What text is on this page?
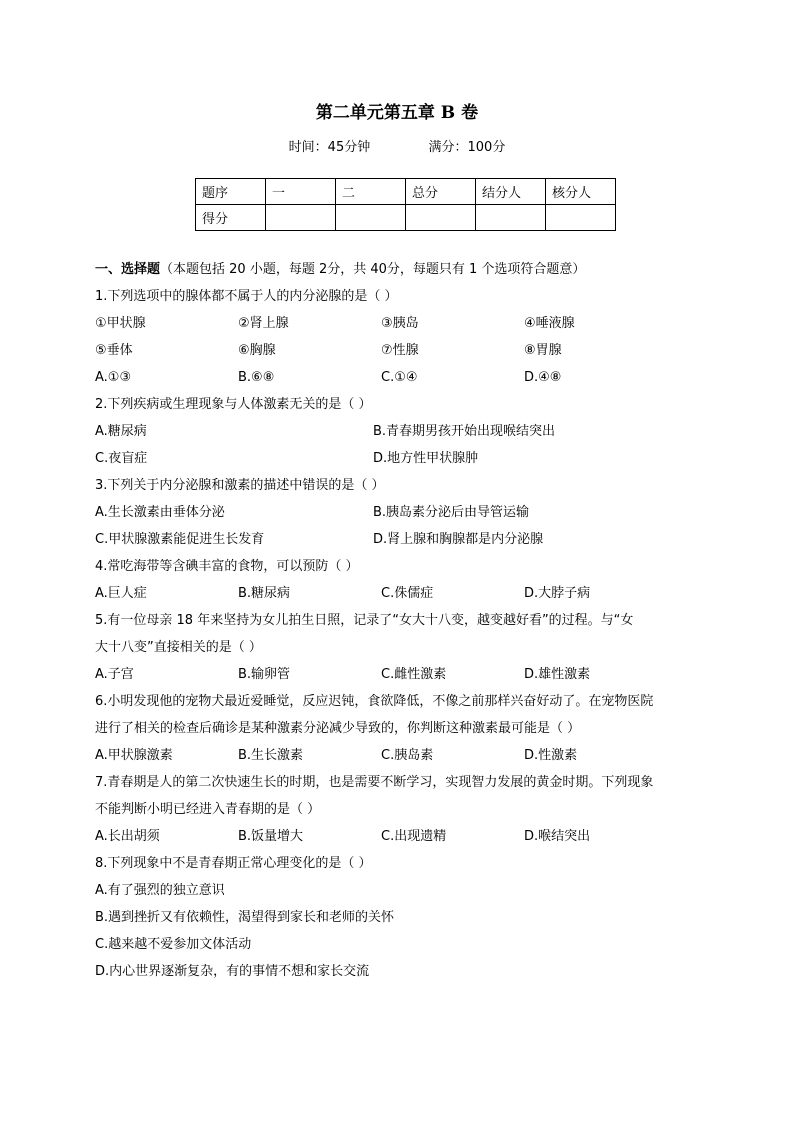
第二单元第五章 B 卷
时间：45分钟	满分：100分
题序	一	二	总分	结分人	核分人
得分					
一、选择题（本题包括 20 小题，每题 2分，共 40分，每题只有 1 个选项符合题意）
1.下列选项中的腺体都不属于人的内分泌腺的是（ ）
①甲状腺	②肾上腺	③胰岛	④唾液腺
⑤垂体	⑥胸腺	⑦性腺	⑧胃腺
A.①③	B.⑥⑧	C.①④	D.④⑧
2.下列疾病或生理现象与人体激素无关的是（ ）
A.糖尿病	B.青春期男孩开始出现喉结突出
C.夜盲症	D.地方性甲状腺肿
3.下列关于内分泌腺和激素的描述中错误的是（ ）
A.生长激素由垂体分泌	B.胰岛素分泌后由导管运输
C.甲状腺激素能促进生长发育	D.肾上腺和胸腺都是内分泌腺
4.常吃海带等含碘丰富的食物，可以预防（ ）
A.巨人症	B.糖尿病	C.侏儒症	D.大脖子病
5.有一位母亲 18 年来坚持为女儿拍生日照，记录了“女大十八变，越变越好看”的过程。与“女
大十八变”直接相关的是（ ）
A.子宫	B.输卵管	C.雌性激素	D.雄性激素
6.小明发现他的宠物犬最近爱睡觉，反应迟钝，食欲降低，不像之前那样兴奋好动了。在宠物医院
进行了相关的检查后确诊是某种激素分泌减少导致的，你判断这种激素最可能是（ ）
A.甲状腺激素	B.生长激素	C.胰岛素	D.性激素
7.青春期是人的第二次快速生长的时期，也是需要不断学习，实现智力发展的黄金时期。下列现象
不能判断小明已经进入青春期的是（ ）
A.长出胡须	B.饭量增大	C.出现遗精	D.喉结突出
8.下列现象中不是青春期正常心理变化的是（ ）
A.有了强烈的独立意识
B.遇到挫折又有依赖性，渴望得到家长和老师的关怀
C.越来越不爱参加文体活动
D.内心世界逐渐复杂，有的事情不想和家长交流
